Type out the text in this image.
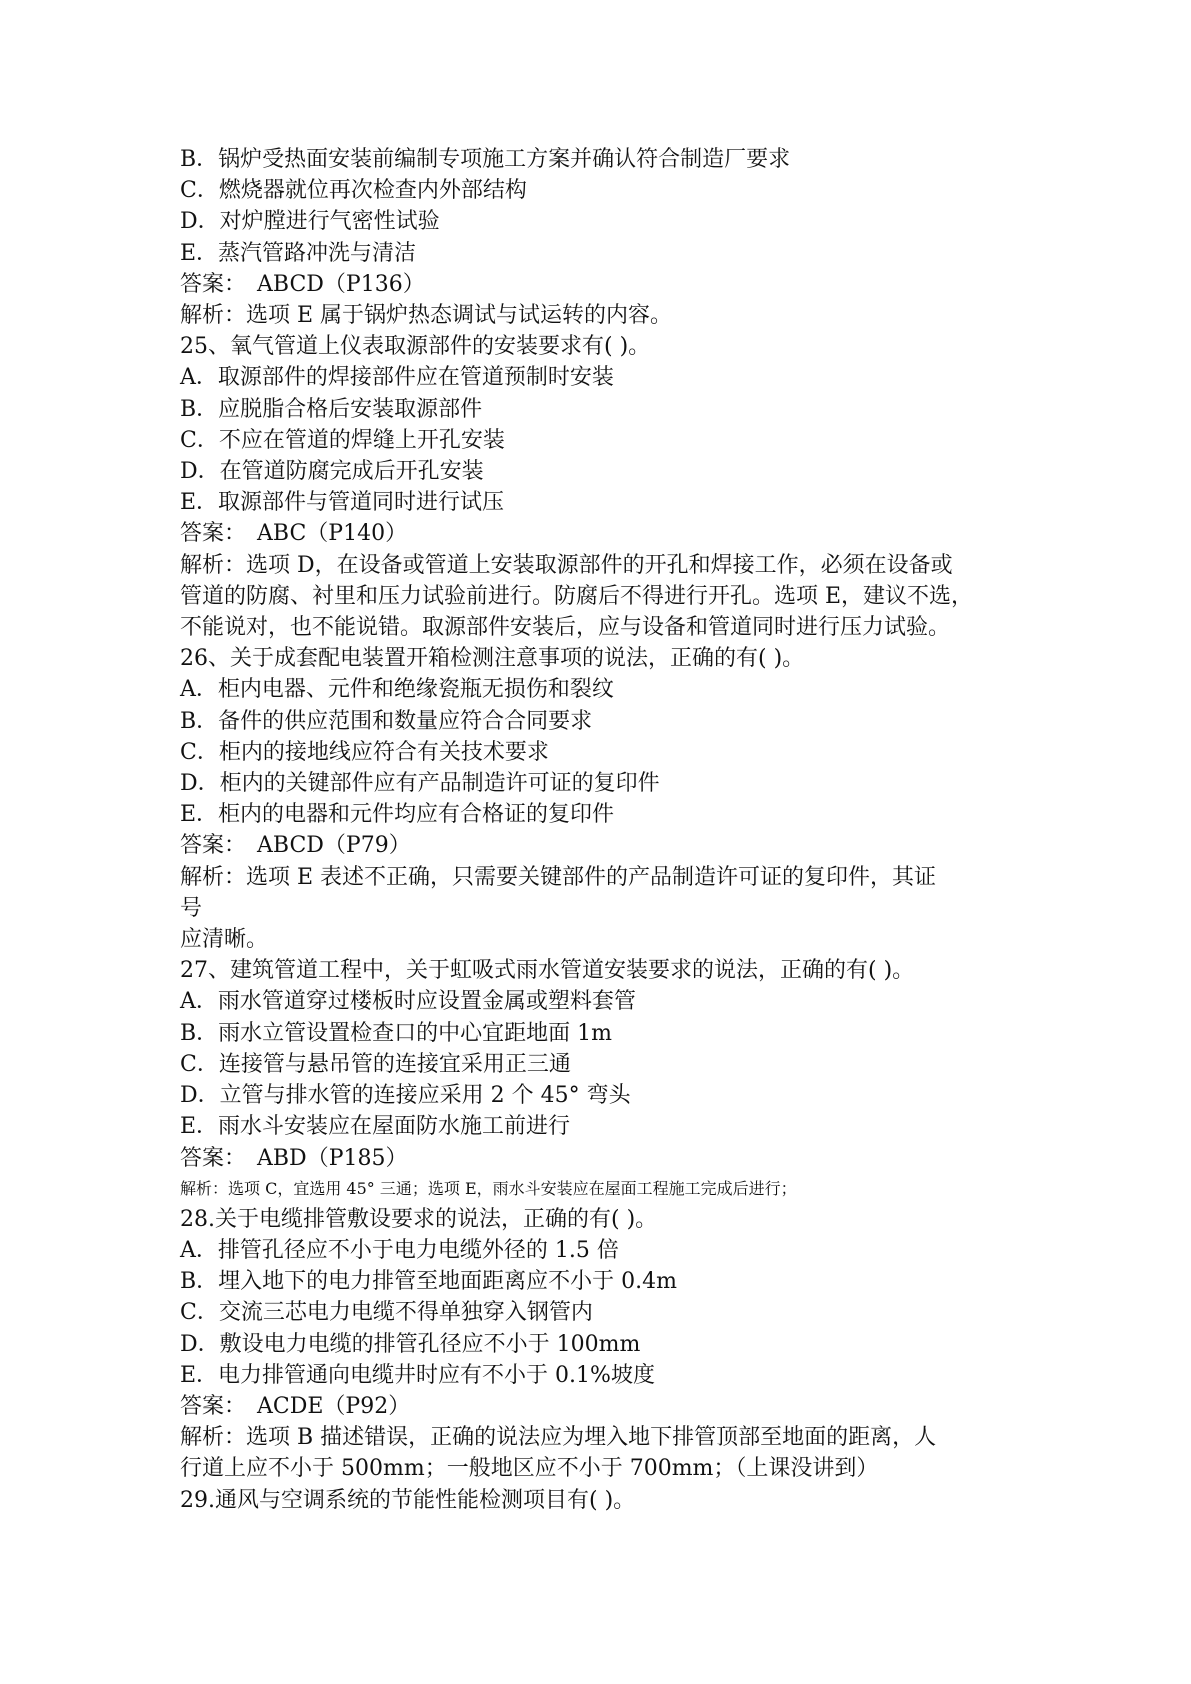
B．锅炉受热面安装前编制专项施工方案并确认符合制造厂要求
C．燃烧器就位再次检查内外部结构
D．对炉膛进行气密性试验
E．蒸汽管路冲洗与清洁
答案：　ABCD（P136）
解析：选项 E 属于锅炉热态调试与试运转的内容。
25、氧气管道上仪表取源部件的安装要求有( )。
A．取源部件的焊接部件应在管道预制时安装
B．应脱脂合格后安装取源部件
C．不应在管道的焊缝上开孔安装
D．在管道防腐完成后开孔安装
E．取源部件与管道同时进行试压
答案：　ABC（P140）
解析：选项 D，在设备或管道上安装取源部件的开孔和焊接工作，必须在设备或
管道的防腐、衬里和压力试验前进行。防腐后不得进行开孔。选项 E，建议不选，
不能说对，也不能说错。取源部件安装后，应与设备和管道同时进行压力试验。
26、关于成套配电装置开箱检测注意事项的说法，正确的有( )。
A．柜内电器、元件和绝缘瓷瓶无损伤和裂纹
B．备件的供应范围和数量应符合合同要求
C．柜内的接地线应符合有关技术要求
D．柜内的关键部件应有产品制造许可证的复印件
E．柜内的电器和元件均应有合格证的复印件
答案：　ABCD（P79）
解析：选项 E 表述不正确，只需要关键部件的产品制造许可证的复印件，其证
号
应清晰。
27、建筑管道工程中，关于虹吸式雨水管道安装要求的说法，正确的有( )。
A．雨水管道穿过楼板时应设置金属或塑料套管
B．雨水立管设置检查口的中心宜距地面 1m
C．连接管与悬吊管的连接宜采用正三通
D．立管与排水管的连接应采用 2 个 45° 弯头
E．雨水斗安装应在屋面防水施工前进行
答案：　ABD（P185）
解析：选项 C，宜选用 45° 三通；选项 E，雨水斗安装应在屋面工程施工完成后进行；
28.关于电缆排管敷设要求的说法，正确的有( )。
A．排管孔径应不小于电力电缆外径的 1.5 倍
B．埋入地下的电力排管至地面距离应不小于 0.4m
C．交流三芯电力电缆不得单独穿入钢管内
D．敷设电力电缆的排管孔径应不小于 100mm
E．电力排管通向电缆井时应有不小于 0.1%坡度
答案：　ACDE（P92）
解析：选项 B 描述错误，正确的说法应为埋入地下排管顶部至地面的距离，人
行道上应不小于 500mm；一般地区应不小于 700mm；（上课没讲到）
29.通风与空调系统的节能性能检测项目有( )。
